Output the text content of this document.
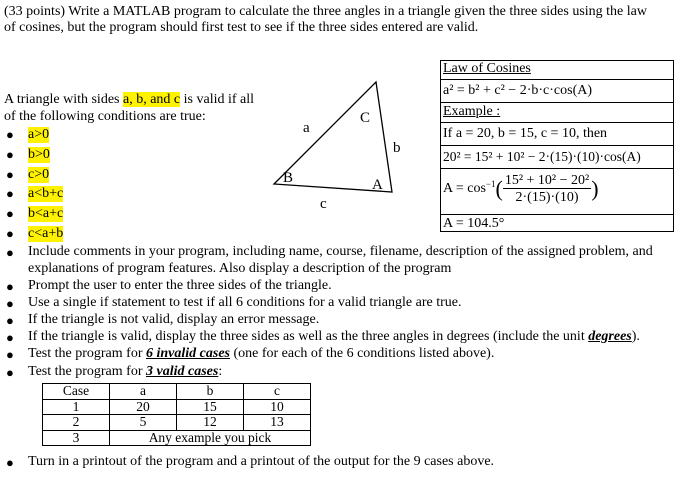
(33 points) Write a MATLAB program to calculate the three angles in a triangle given the three sides using the law
of cosines, but the program should first test to see if the three sides entered are valid.
A triangle with sides a, b, and c is valid if all
of the following conditions are true:
● a>0
● b>0
● c>0
● a<b+c
● b<a+c
● c<a+b
a
b
c
C
B	A
Law of Cosines
a² = b² + c² − 2·b·c·cos(A)
Example :
If a = 20, b = 15, c = 10, then
20² = 15² + 10² − 2·(15)·(10)·cos(A)
$A = \cos^{-1}( \frac{\text{15² + 10² − 20²}}{2\cdot(15)\cdot(10)}$ )
A = 104.5°
● Include comments in your program, including name, course, filename, description of the assigned problem, and
explanations of program features. Also display a description of the program
● Prompt the user to enter the three sides of the triangle.
● Use a single if statement to test if all 6 conditions for a valid triangle are true.
● If the triangle is not valid, display an error message.
● If the triangle is valid, display the three sides as well as the three angles in degrees (include the unit degrees).
● Test the program for 6 invalid cases (one for each of the 6 conditions listed above).
● Test the program for 3 valid cases:
Case	a	b	c
1	20	15	10
2	5	12	13
3	Any example you pick		
● Turn in a printout of the program and a printout of the output for the 9 cases above.
